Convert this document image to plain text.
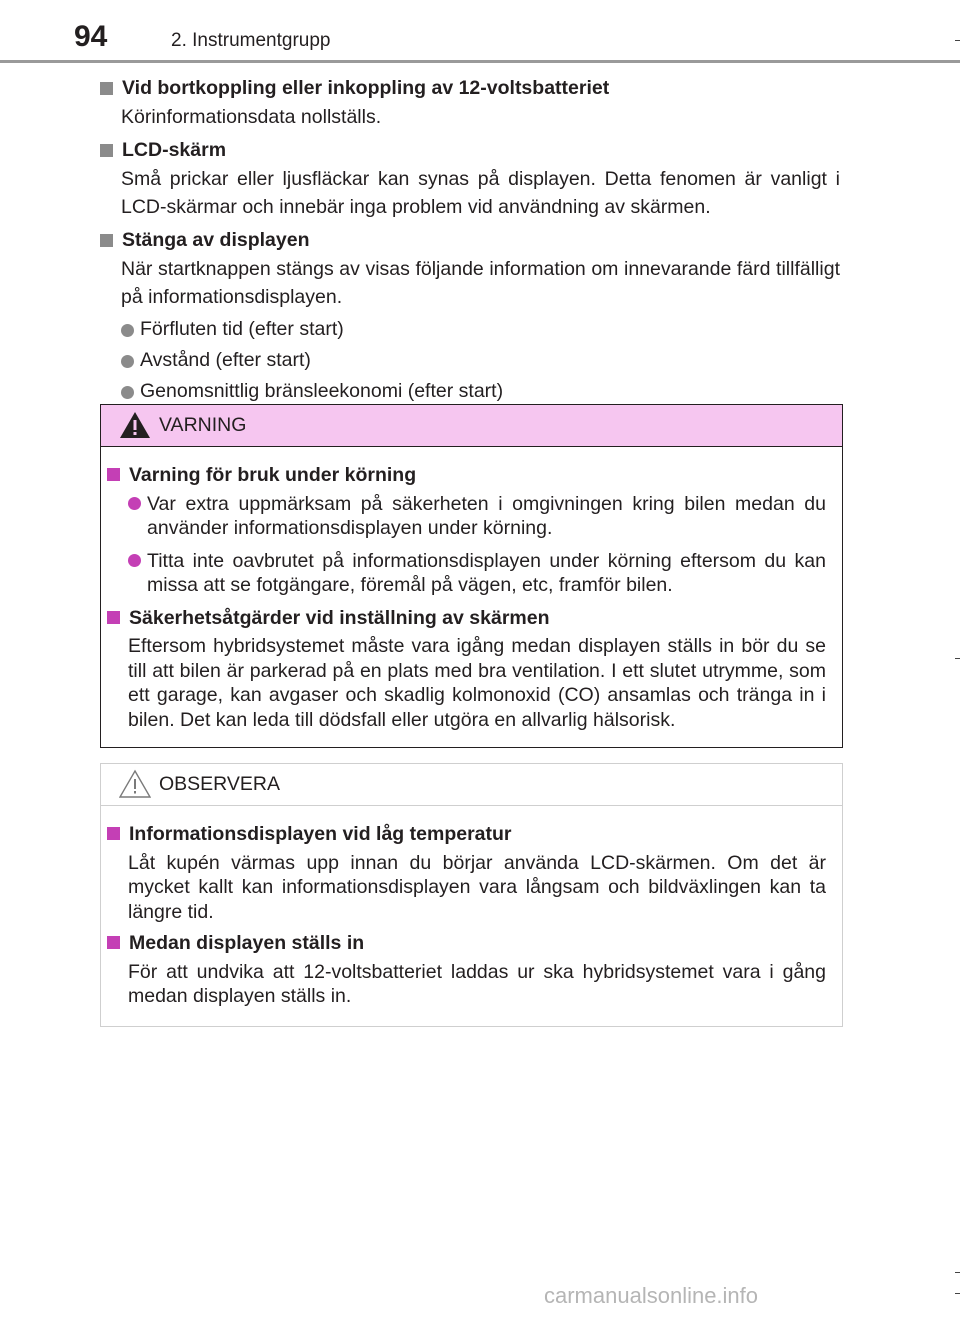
94	2. Instrumentgrupp
Vid bortkoppling eller inkoppling av 12-voltsbatteriet
Körinformationsdata nollställs.
LCD-skärm
Små prickar eller ljusfläckar kan synas på displayen. Detta fenomen är vanligt i LCD-skärmar och innebär inga problem vid användning av skärmen.
Stänga av displayen
När startknappen stängs av visas följande information om innevarande färd tillfälligt på informationsdisplayen.
Förfluten tid (efter start)
Avstånd (efter start)
Genomsnittlig bränsleekonomi (efter start)
VARNING
Varning för bruk under körning
Var extra uppmärksam på säkerheten i omgivningen kring bilen medan du använder informationsdisplayen under körning.
Titta inte oavbrutet på informationsdisplayen under körning eftersom du kan missa att se fotgängare, föremål på vägen, etc, framför bilen.
Säkerhetsåtgärder vid inställning av skärmen
Eftersom hybridsystemet måste vara igång medan displayen ställs in bör du se till att bilen är parkerad på en plats med bra ventilation. I ett slutet utrymme, som ett garage, kan avgaser och skadlig kolmonoxid (CO) ansamlas och tränga in i bilen. Det kan leda till dödsfall eller utgöra en allvarlig hälsorisk.
OBSERVERA
Informationsdisplayen vid låg temperatur
Låt kupén värmas upp innan du börjar använda LCD-skärmen. Om det är mycket kallt kan informationsdisplayen vara långsam och bildväxlingen kan ta längre tid.
Medan displayen ställs in
För att undvika att 12-voltsbatteriet laddas ur ska hybridsystemet vara i gång medan displayen ställs in.
carmanualsonline.info
